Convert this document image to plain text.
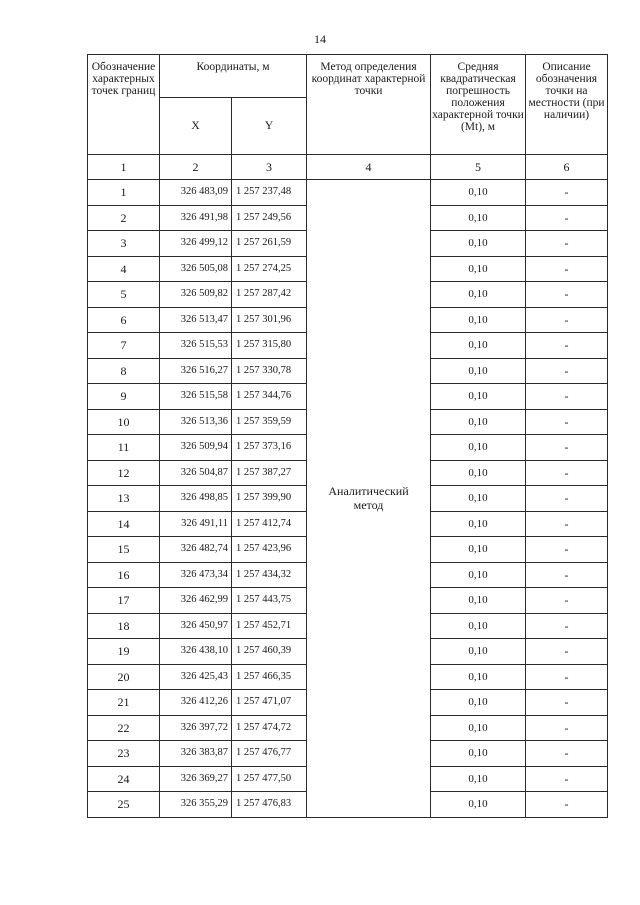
14
Обозначение характерных точек границ	Координаты, м		Метод определения координат характерной точки	Средняя квадратическая погрешность положения характерной точки (Mt), м	Описание обозначения точки на местности (при наличии)
	X	Y			
1	2	3	4	5	6
1	326 483,09	1 257 237,48	Аналитический метод	0,10	-
2	326 491,98	1 257 249,56		0,10	-
3	326 499,12	1 257 261,59		0,10	-
4	326 505,08	1 257 274,25		0,10	-
5	326 509,82	1 257 287,42		0,10	-
6	326 513,47	1 257 301,96		0,10	-
7	326 515,53	1 257 315,80		0,10	-
8	326 516,27	1 257 330,78		0,10	-
9	326 515,58	1 257 344,76		0,10	-
10	326 513,36	1 257 359,59		0,10	-
11	326 509,94	1 257 373,16		0,10	-
12	326 504,87	1 257 387,27		0,10	-
13	326 498,85	1 257 399,90		0,10	-
14	326 491,11	1 257 412,74		0,10	-
15	326 482,74	1 257 423,96		0,10	-
16	326 473,34	1 257 434,32		0,10	-
17	326 462,99	1 257 443,75		0,10	-
18	326 450,97	1 257 452,71		0,10	-
19	326 438,10	1 257 460,39		0,10	-
20	326 425,43	1 257 466,35		0,10	-
21	326 412,26	1 257 471,07		0,10	-
22	326 397,72	1 257 474,72		0,10	-
23	326 383,87	1 257 476,77		0,10	-
24	326 369,27	1 257 477,50		0,10	-
25	326 355,29	1 257 476,83		0,10	-
